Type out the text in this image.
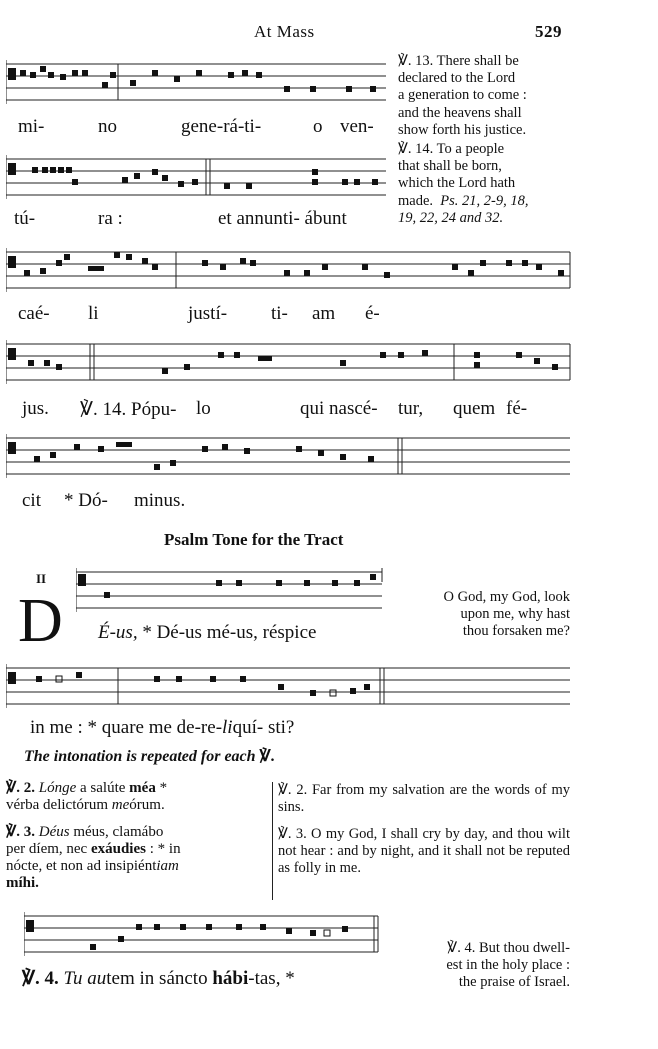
At Mass	529
mi-	no	gene-rá-ti-	o ven-
℣. 13. There shall be
declared to the Lord
a generation to come :
and the heavens shall
show forth his justice.
tú-	ra :	et annunti- ábunt
℣. 14. To a people
that shall be born,
which the Lord hath
made. Ps. 21, 2-9, 18,
19, 22, 24 and 32.
caé- li	justí- ti- am é-
jus. ℣. 14. Pópu- lo	qui nascé- tur, quem fé-
cit * Dó- minus.
Psalm Tone for the Tract
II
D É-us, * Dé-us mé-us, réspice
O God, my God, look
upon me, why hast
thou forsaken me?
in me : * quare me de-re-liquí- sti?
The intonation is repeated for each ℣.
℣. 2. Lónge a salúte méa *
vérba delictórum meórum.
℣. 2. Far from my salvation are the words of my sins.
℣. 3. Déus méus, clamábo
per díem, nec exáudies : * in
nócte, et non ad insipiéntiam
míhi.
℣. 3. O my God, I shall cry by day, and thou wilt not hear : and by night, and it shall not be reputed as folly in me.
℣. 4. Tu autem in sáncto hábi-tas, *
℣. 4. But thou dwell-
est in the holy place :
the praise of Israel.
